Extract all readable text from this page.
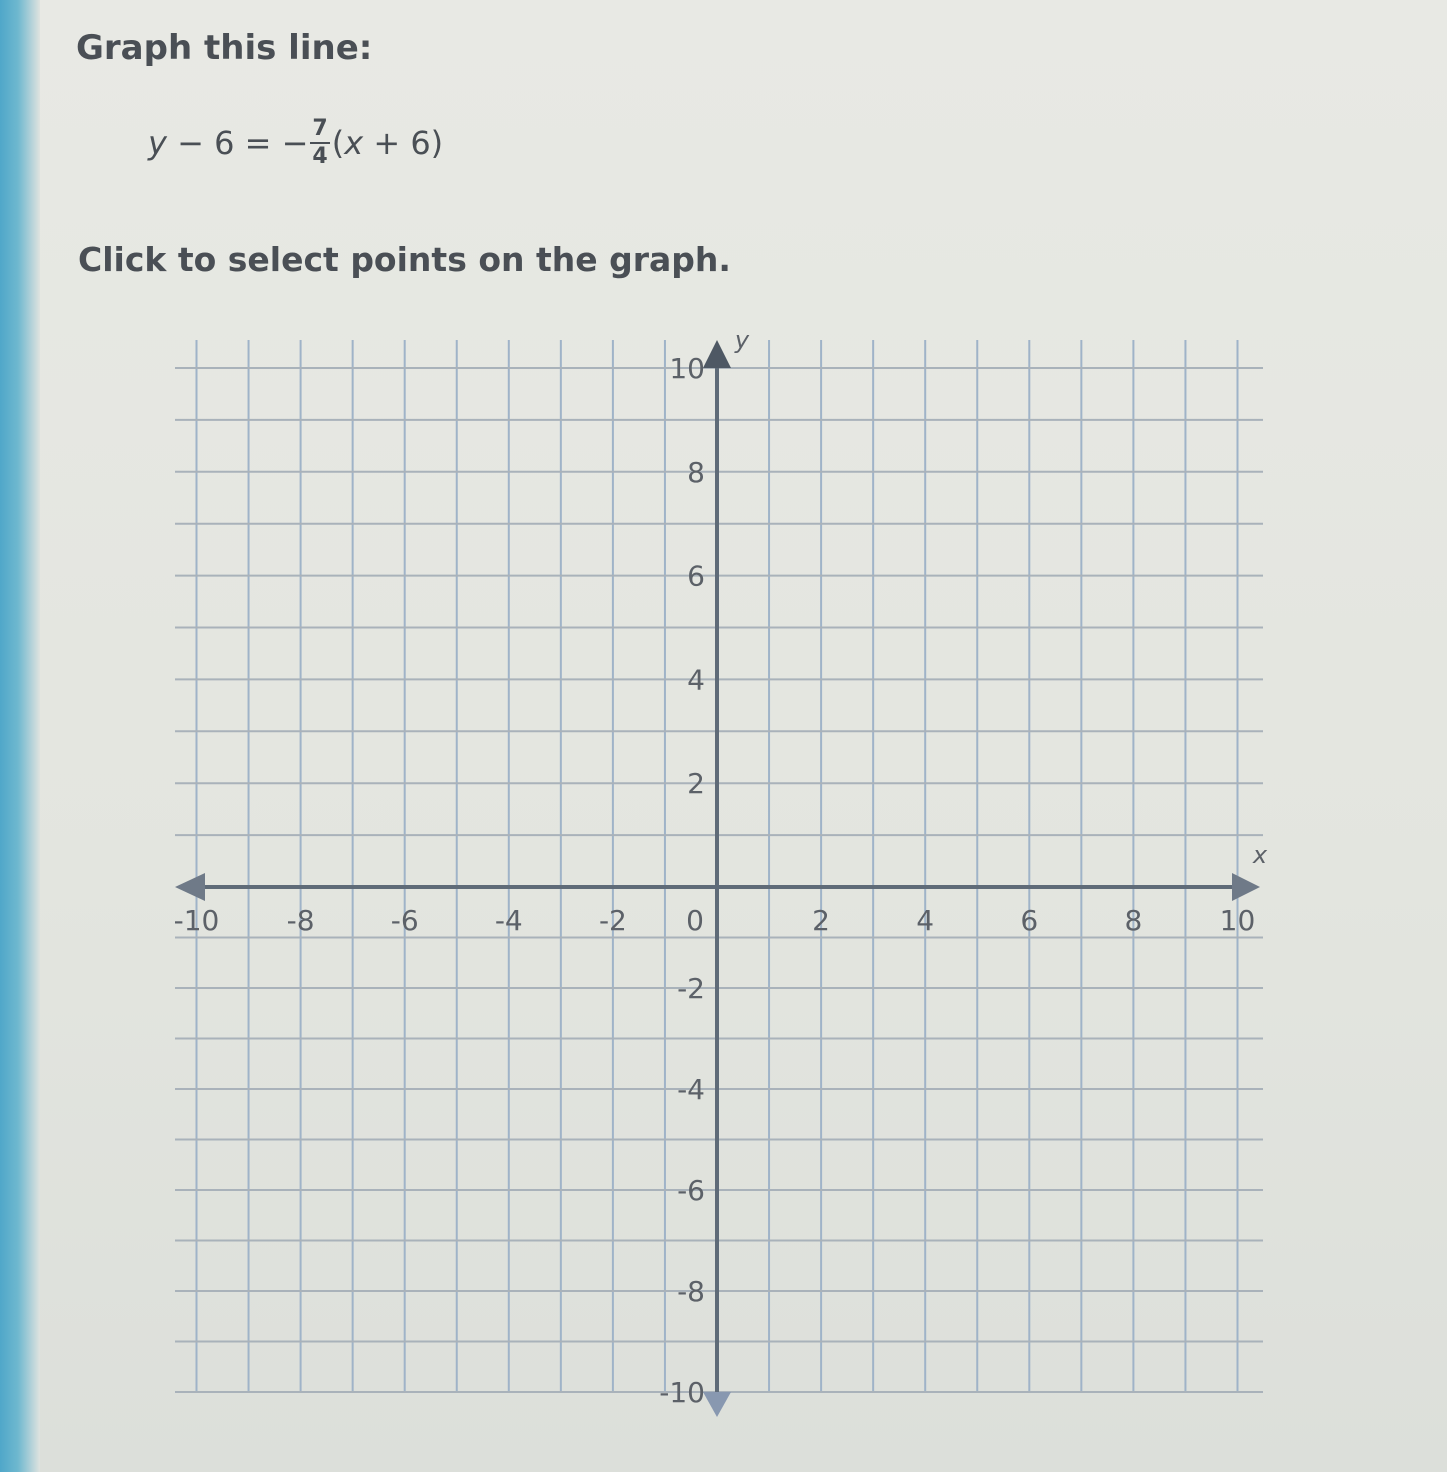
Graph this line:
y − 6 = − $\frac{7}{4}$ ( x + 6)
Click to select points on the graph.
-10 -8	-6	-4	-2 0	2	4	6	8	10
10
8
6
4
2
-2
-4
-6
-8
-10
x
y
